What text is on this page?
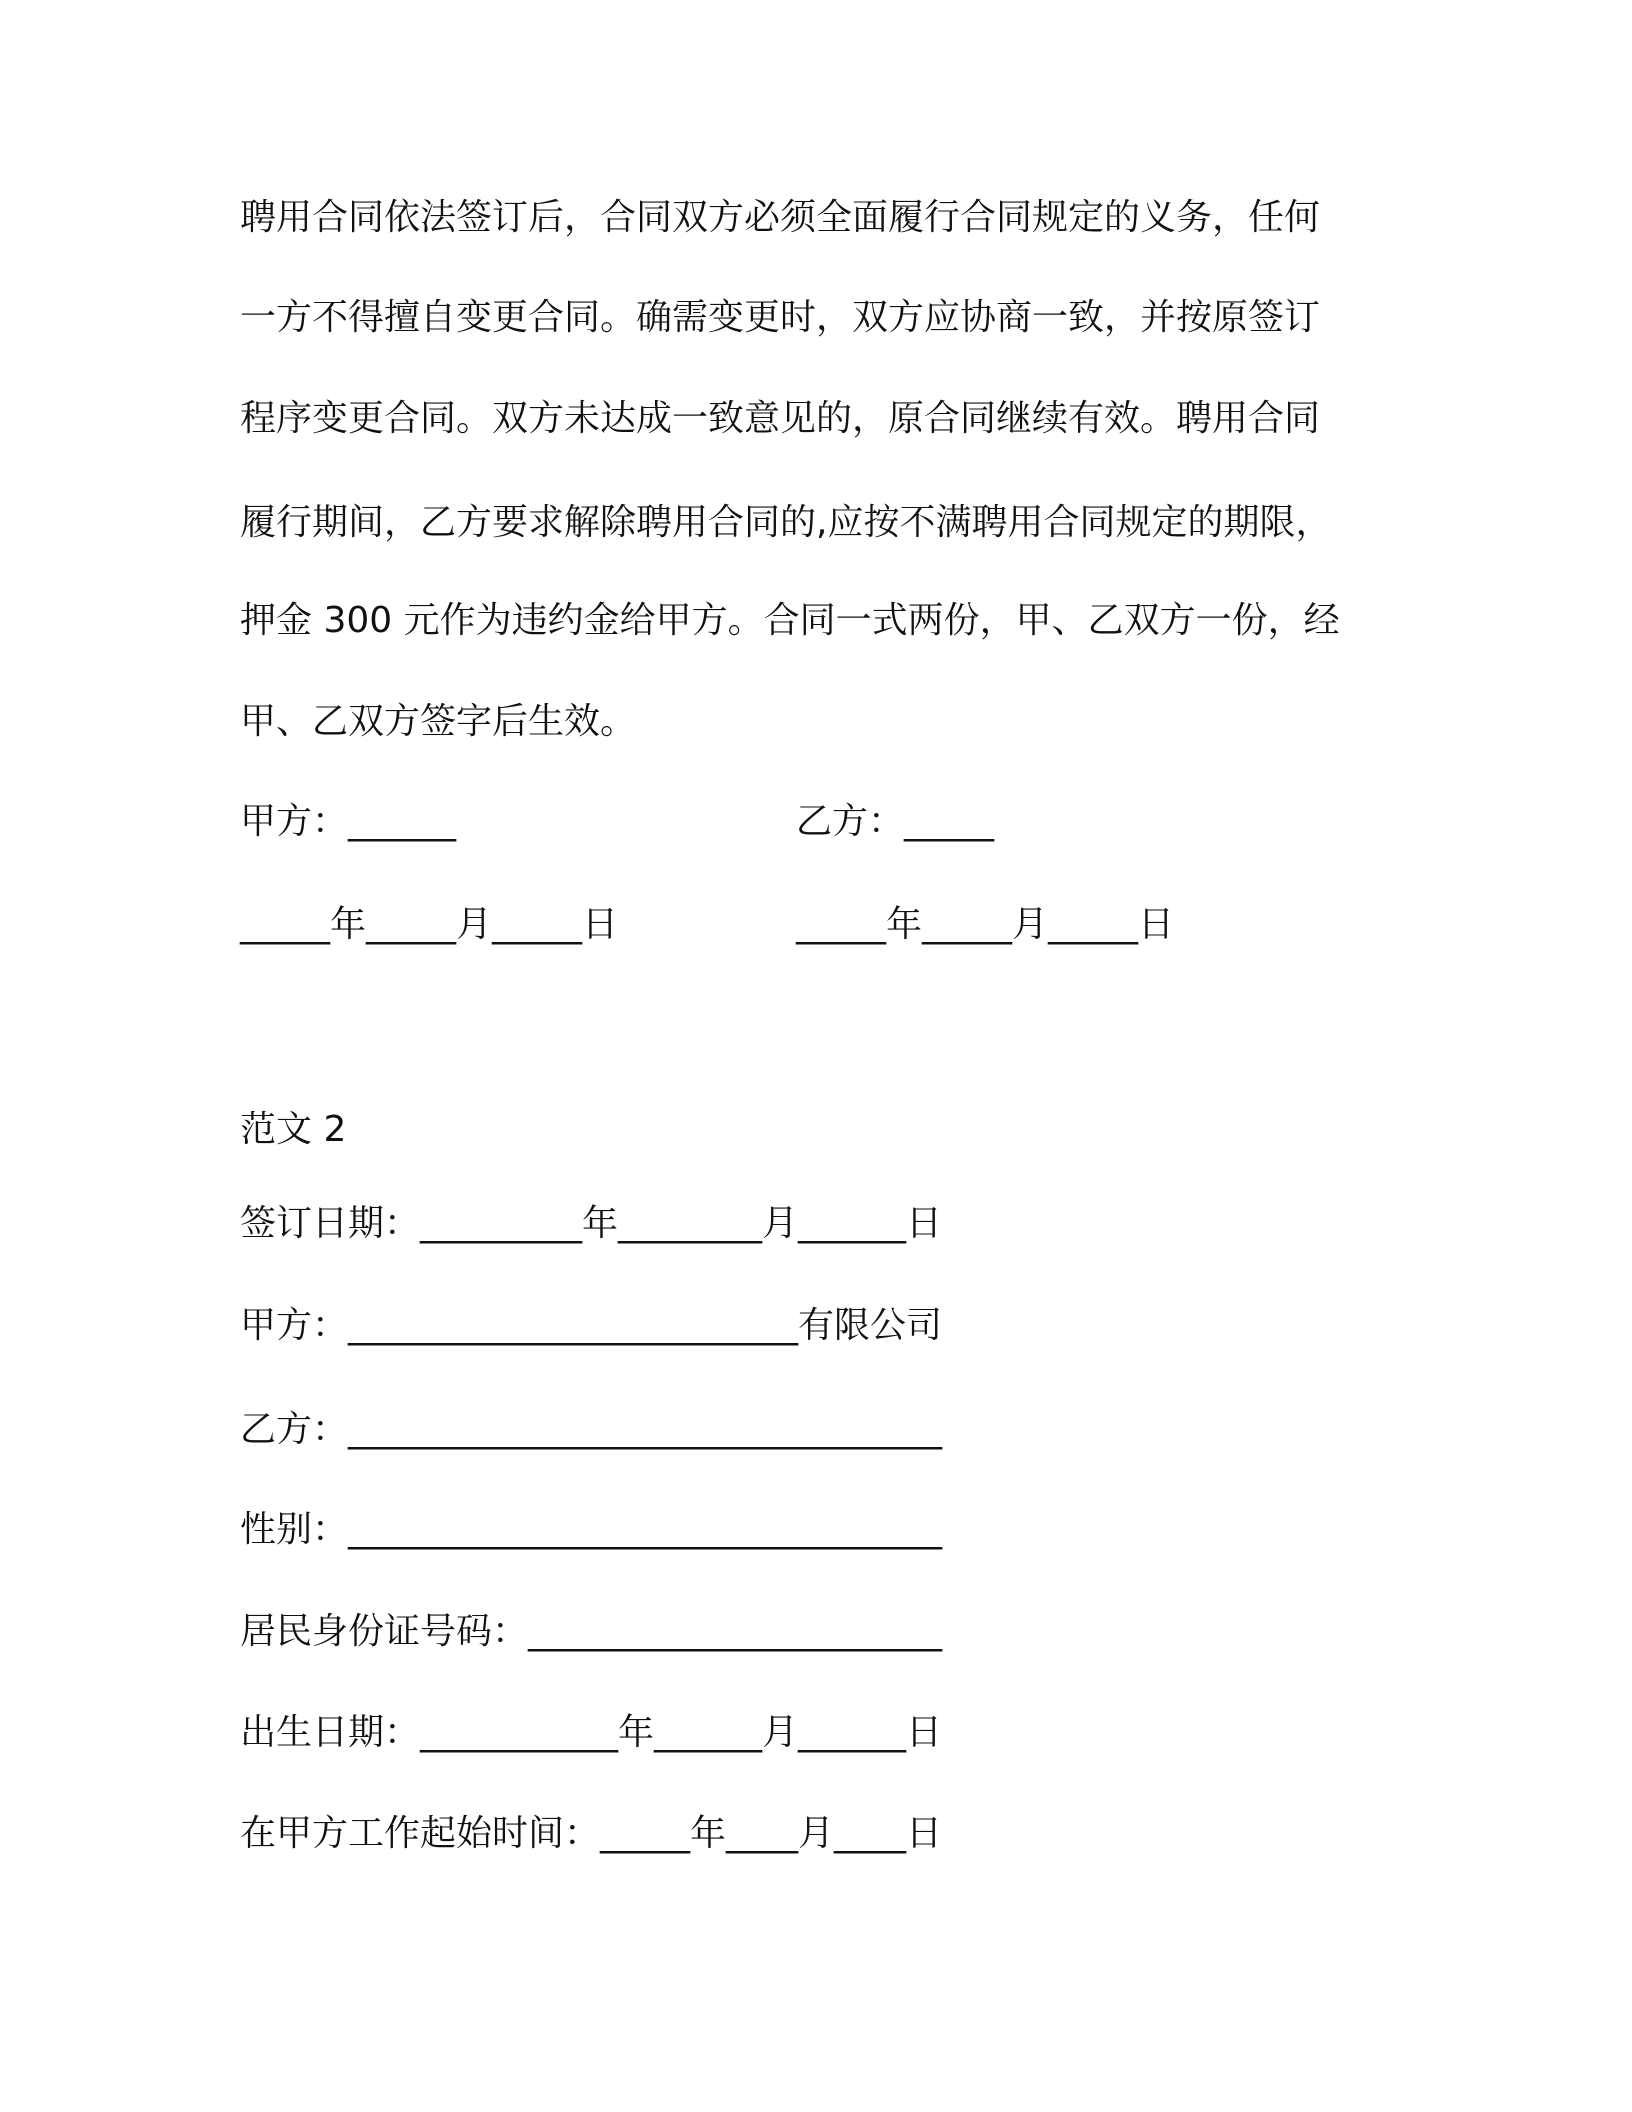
聘用合同依法签订后，合同双方必须全面履行合同规定的义务，任何
一方不得擅自变更合同。确需变更时，双方应协商一致，并按原签订
程序变更合同。双方未达成一致意见的，原合同继续有效。聘用合同
履行期间，乙方要求解除聘用合同的,应按不满聘用合同规定的期限，
押金 300 元作为违约金给甲方。合同一式两份，甲、乙双方一份，经
甲、乙双方签字后生效。
甲方：______	乙方：_____
_____年_____月_____日	_____年_____月_____日
范文 2
签订日期：_________年________月______日
甲方：_________________________有限公司
乙方：_________________________________
性别：_________________________________
居民身份证号码：_______________________
出生日期：___________年______月______日
在甲方工作起始时间：_____年____月____日
